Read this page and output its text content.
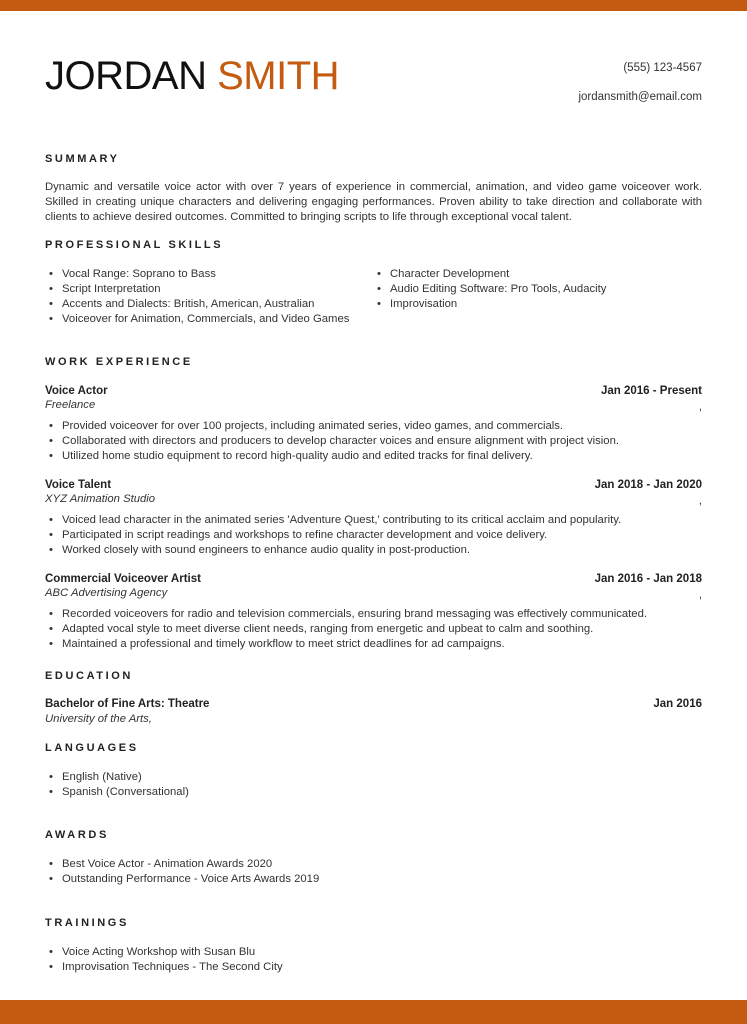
JORDAN SMITH	(555) 123-4567
jordansmith@email.com
SUMMARY

Dynamic and versatile voice actor with over 7 years of experience in commercial, animation, and video game voiceover work. Skilled in creating unique characters and delivering engaging performances. Proven ability to take direction and collaborate with clients to achieve desired outcomes. Committed to bringing scripts to life through exceptional vocal talent.

PROFESSIONAL SKILLS
• Vocal Range: Soprano to Bass
• Script Interpretation
• Accents and Dialects: British, American, Australian
• Voiceover for Animation, Commercials, and Video Games
• Character Development
• Audio Editing Software: Pro Tools, Audacity
• Improvisation
WORK EXPERIENCE
Voice Actor	Jan 2016 - Present
Freelance	,
• Provided voiceover for over 100 projects, including animated series, video games, and commercials.
• Collaborated with directors and producers to develop character voices and ensure alignment with project vision.
• Utilized home studio equipment to record high-quality audio and edited tracks for final delivery.
Voice Talent	Jan 2018 - Jan 2020
XYZ Animation Studio	,
• Voiced lead character in the animated series 'Adventure Quest,' contributing to its critical acclaim and popularity.
• Participated in script readings and workshops to refine character development and voice delivery.
• Worked closely with sound engineers to enhance audio quality in post-production.
Commercial Voiceover Artist	Jan 2016 - Jan 2018
ABC Advertising Agency	,
• Recorded voiceovers for radio and television commercials, ensuring brand messaging was effectively communicated.
• Adapted vocal style to meet diverse client needs, ranging from energetic and upbeat to calm and soothing.
• Maintained a professional and timely workflow to meet strict deadlines for ad campaigns.
EDUCATION
Bachelor of Fine Arts: Theatre	Jan 2016
University of the Arts,
LANGUAGES
• English (Native)
• Spanish (Conversational)
AWARDS
• Best Voice Actor - Animation Awards 2020
• Outstanding Performance - Voice Arts Awards 2019
TRAININGS
• Voice Acting Workshop with Susan Blu
• Improvisation Techniques - The Second City
